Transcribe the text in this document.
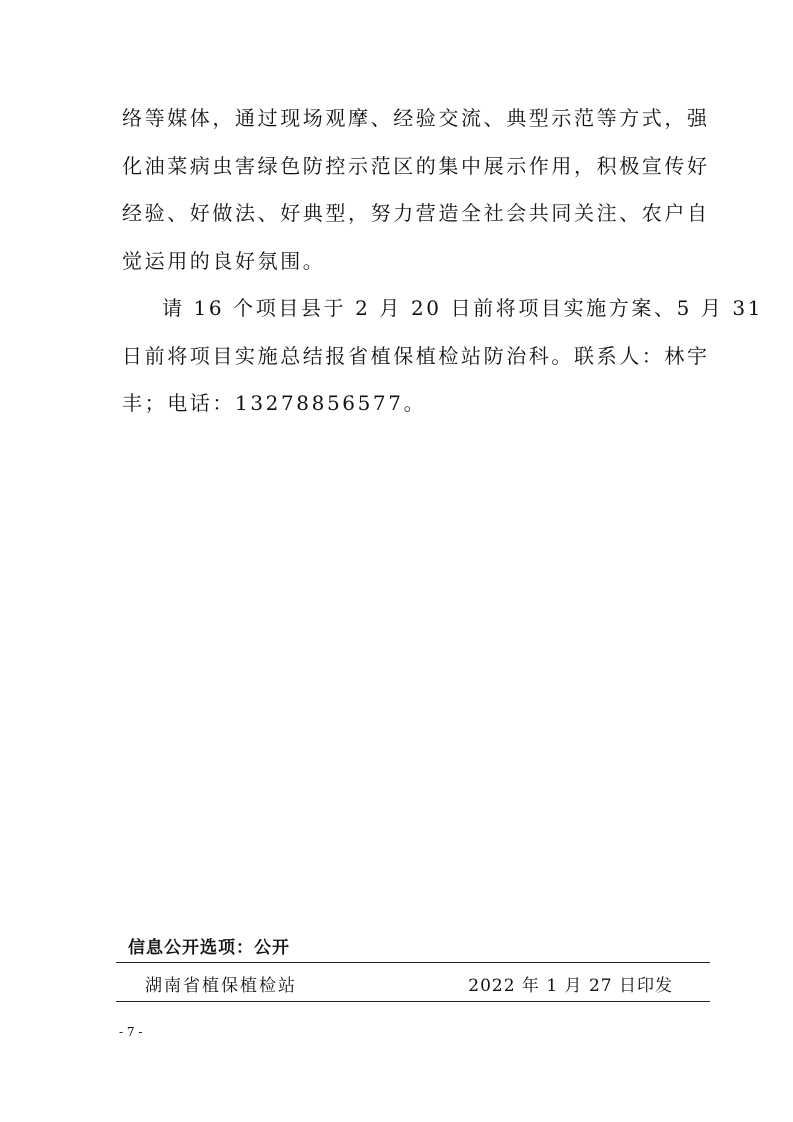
络等媒体，通过现场观摩、经验交流、典型示范等方式，强
化油菜病虫害绿色防控示范区的集中展示作用，积极宣传好
经验、好做法、好典型，努力营造全社会共同关注、农户自
觉运用的良好氛围。

请 16 个项目县于 2 月 20 日前将项目实施方案、5 月 31
日前将项目实施总结报省植保植检站防治科。联系人：林宇
丰；电话：13278856577。

信息公开选项：公开
湖南省植保植检站	2022 年 1 月 27 日印发
- 7 -
